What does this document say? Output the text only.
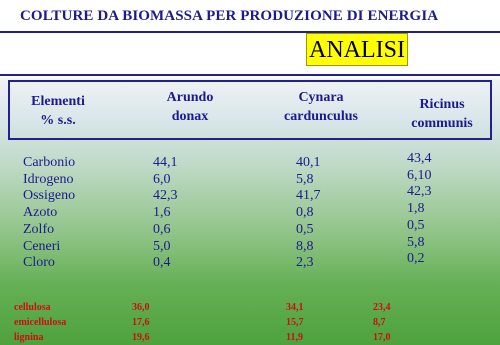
COLTURE DA BIOMASSA PER PRODUZIONE DI ENERGIA
ANALISI
Elementi
% s.s.
Arundo
donax
Cynara
cardunculus
Ricinus
communis
Carbonio
Idrogeno
Ossigeno
Azoto
Zolfo
Ceneri
Cloro
44,1
6,0
42,3
1,6
0,6
5,0
0,4
40,1
5,8
41,7
0,8
0,5
8,8
2,3
43,4
6,10
42,3
1,8
0,5
5,8
0,2
cellulosa
emicellulosa
lignina
36,0
17,6
19,6
34,1
15,7
11,9
23,4
8,7
17,0
